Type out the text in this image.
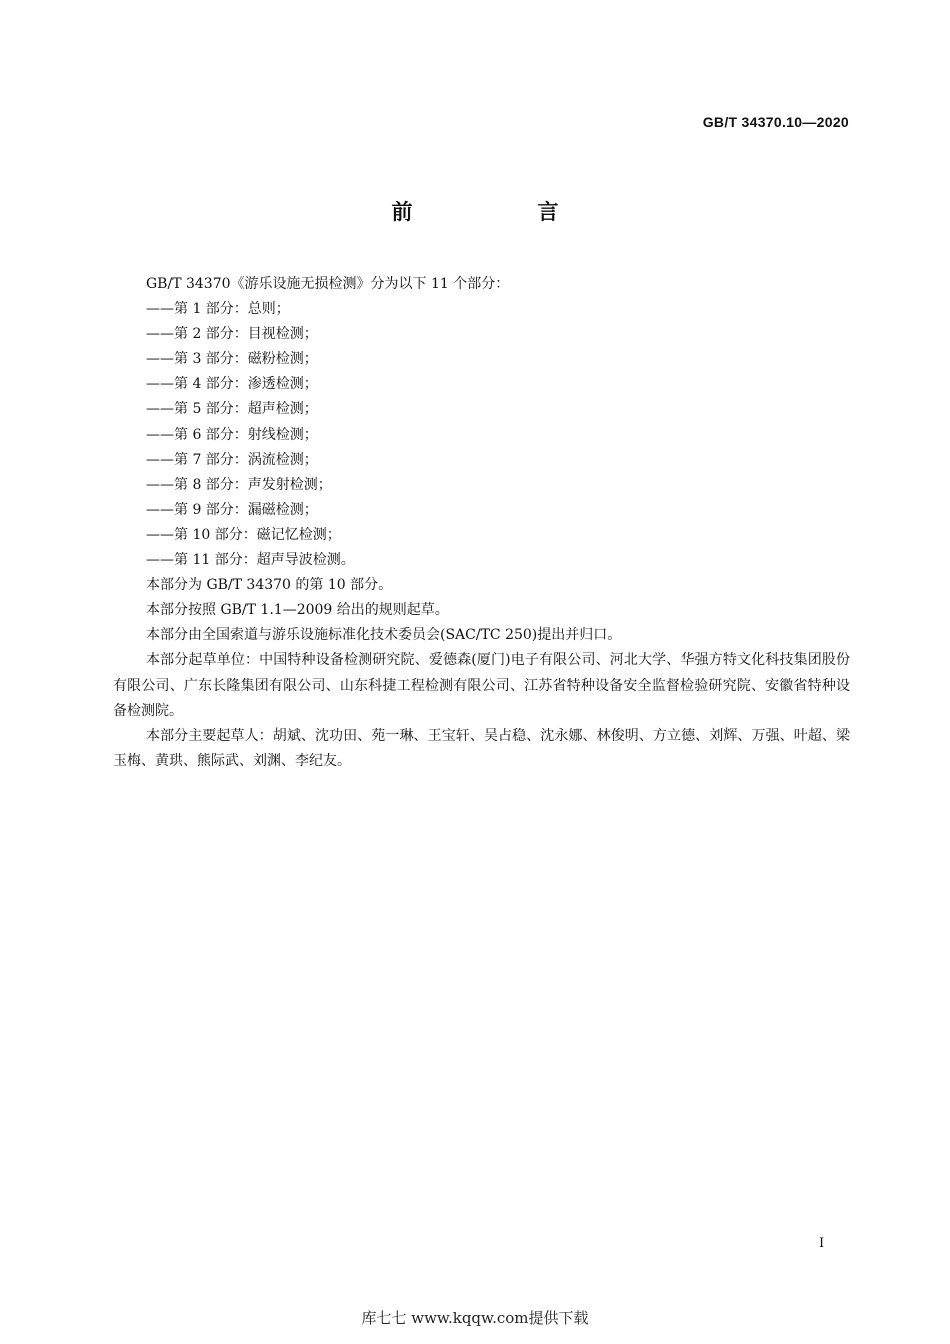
GB/T 34370.10—2020
前　言

GB/T 34370《游乐设施无损检测》分为以下 11 个部分：

——第 1 部分：总则；

——第 2 部分：目视检测；

——第 3 部分：磁粉检测；

——第 4 部分：渗透检测；

——第 5 部分：超声检测；

——第 6 部分：射线检测；

——第 7 部分：涡流检测；

——第 8 部分：声发射检测；

——第 9 部分：漏磁检测；

——第 10 部分：磁记忆检测；

——第 11 部分：超声导波检测。

本部分为 GB/T 34370 的第 10 部分。

本部分按照 GB/T 1.1—2009 给出的规则起草。

本部分由全国索道与游乐设施标准化技术委员会(SAC/TC 250)提出并归口。

本部分起草单位：中国特种设备检测研究院、爱德森(厦门)电子有限公司、河北大学、华强方特文化科技集团股份有限公司、广东长隆集团有限公司、山东科捷工程检测有限公司、江苏省特种设备安全监督检验研究院、安徽省特种设备检测院。

本部分主要起草人：胡斌、沈功田、苑一琳、王宝轩、吴占稳、沈永娜、林俊明、方立德、刘辉、万强、叶超、梁玉梅、黄珙、熊际武、刘渊、李纪友。

I
库七七 www.kqqw.com提供下载
